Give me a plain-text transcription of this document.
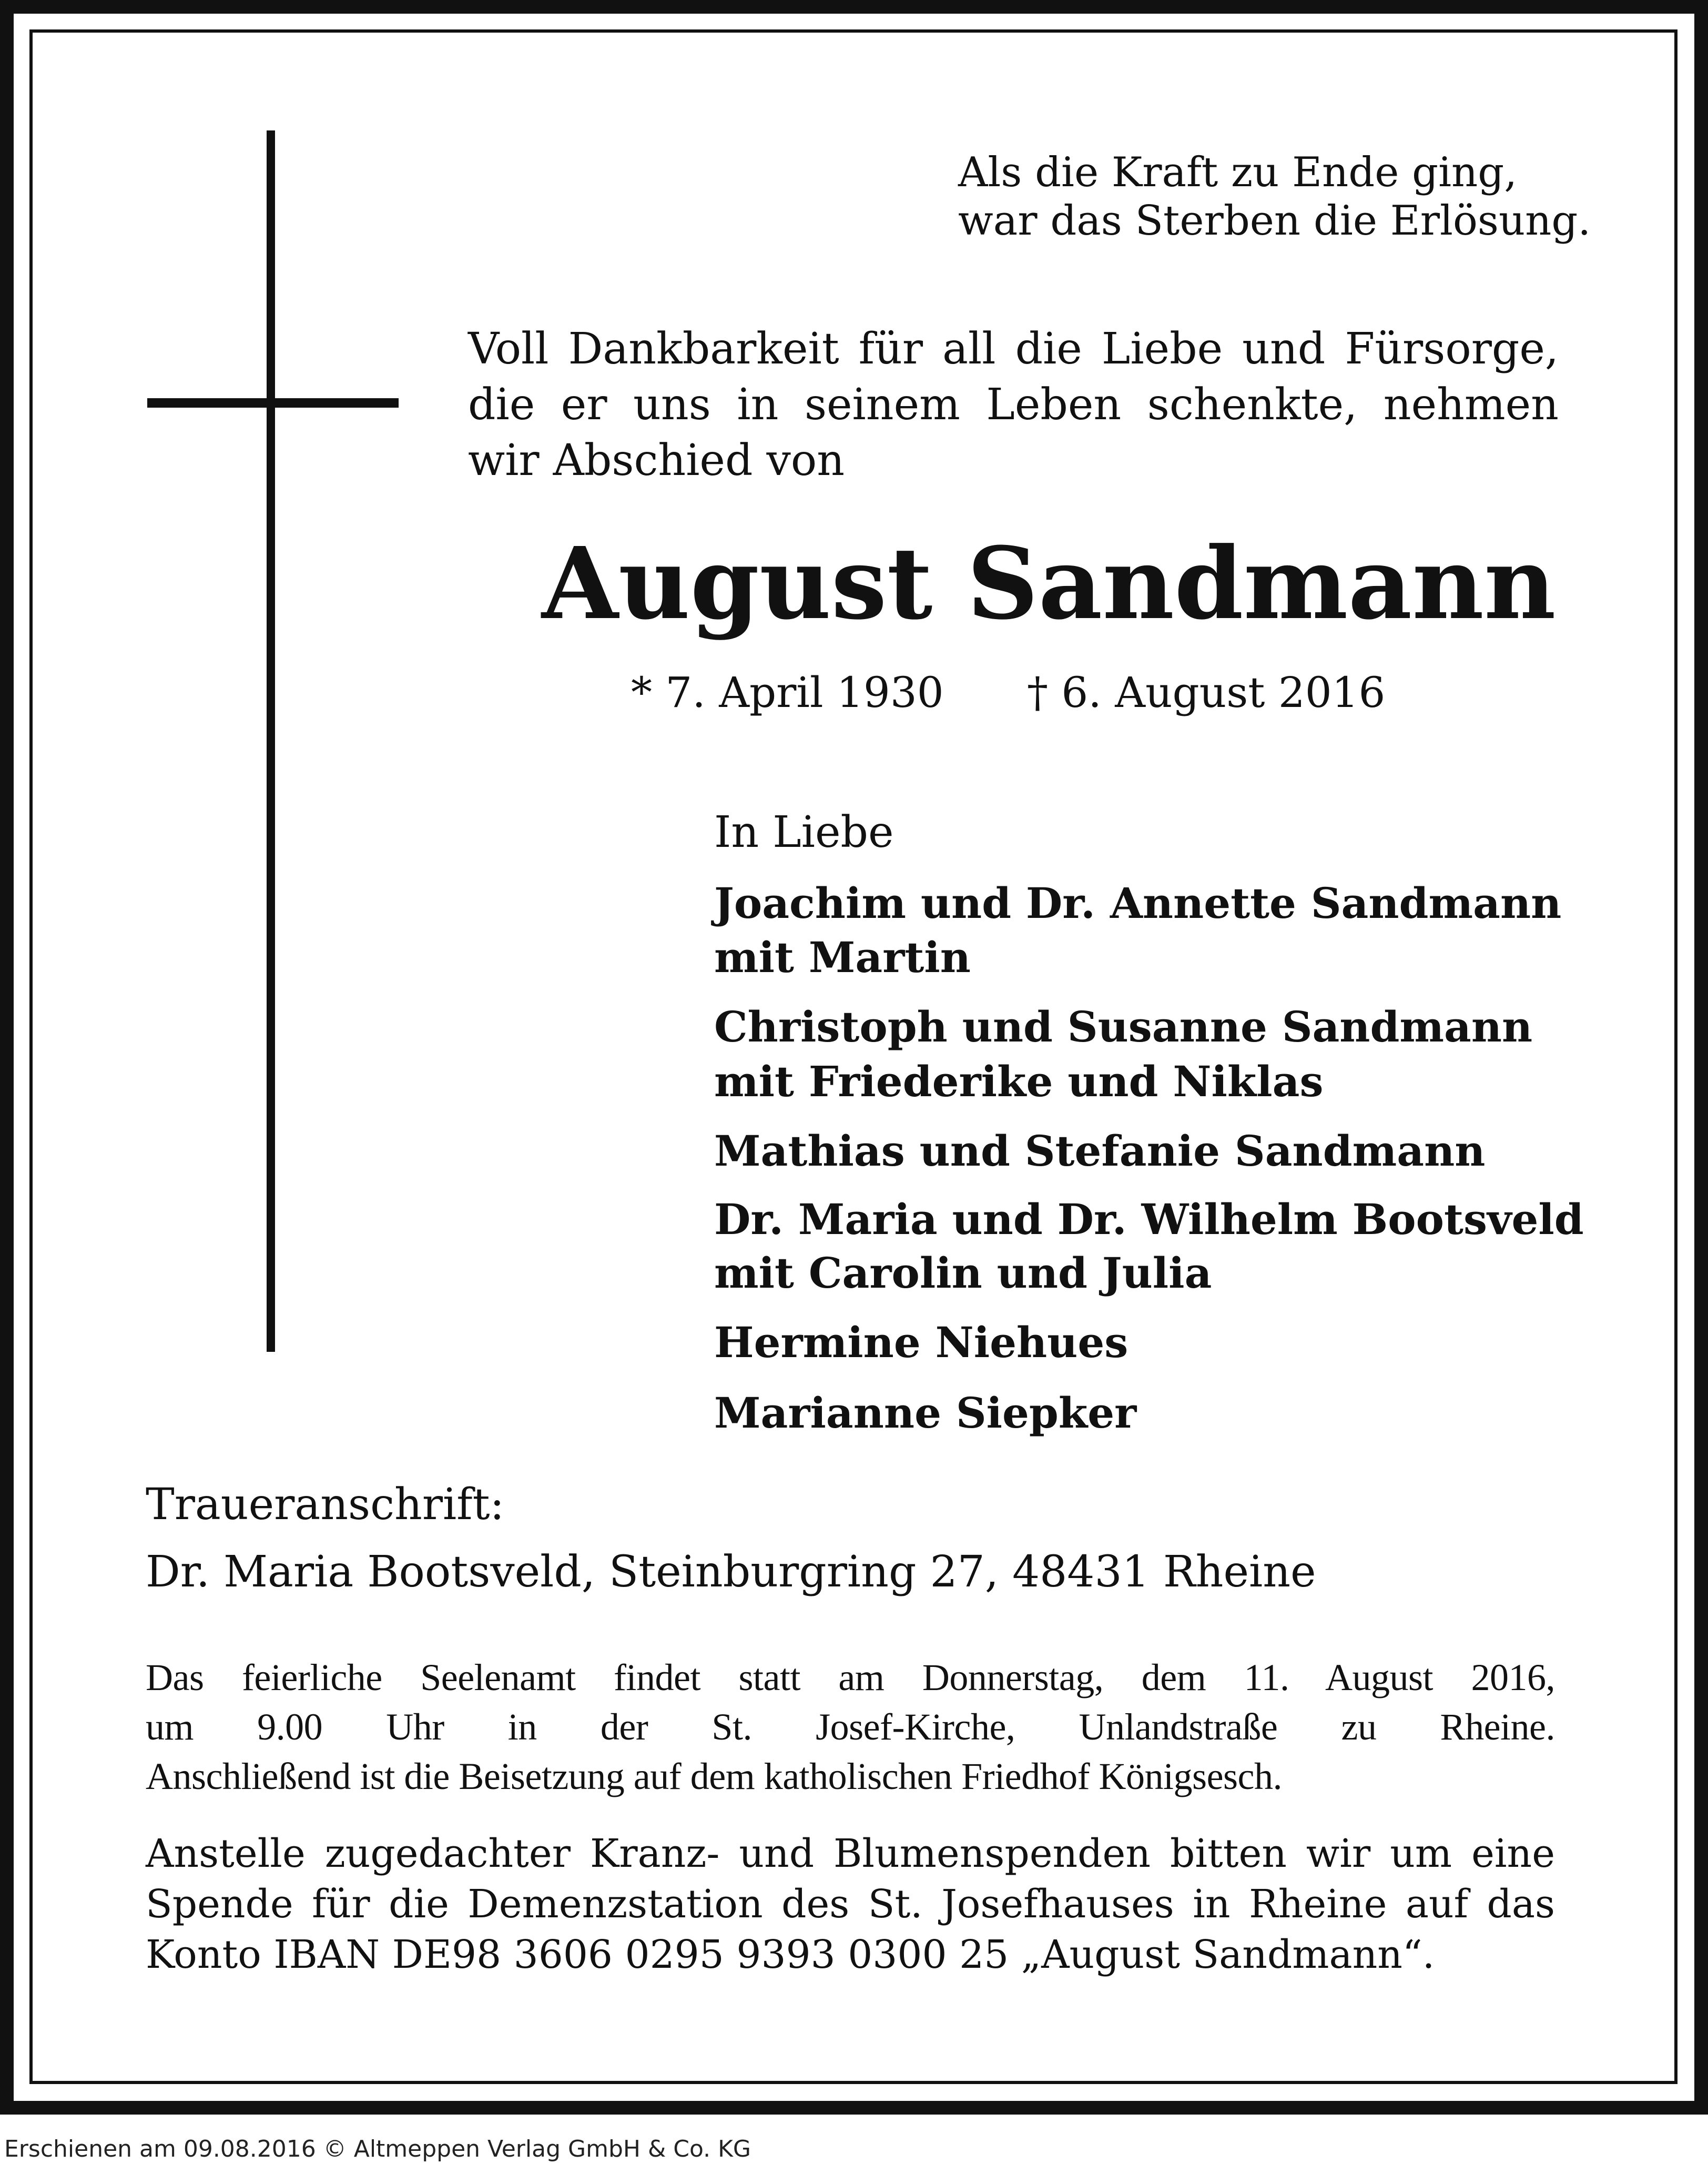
Als die Kraft zu Ende ging,

war das Sterben die Erlösung.

Voll Dankbarkeit für all die Liebe und Fürsorge,

die er uns in seinem Leben schenkte, nehmen

wir Abschied von

August Sandmann

* 7. April 1930 † 6. August 2016

In Liebe

Joachim und Dr. Annette Sandmann

mit Martin

Christoph und Susanne Sandmann

mit Friederike und Niklas

Mathias und Stefanie Sandmann

Dr. Maria und Dr. Wilhelm Bootsveld

mit Carolin und Julia

Hermine Niehues

Marianne Siepker

Traueranschrift:

Dr. Maria Bootsveld, Steinburgring 27, 48431 Rheine

Das feierliche Seelenamt findet statt am Donnerstag, dem 11. August 2016,

um 9.00 Uhr in der St. Josef-Kirche, Unlandstraße zu Rheine.

Anschließend ist die Beisetzung auf dem katholischen Friedhof Königsesch.

Anstelle zugedachter Kranz- und Blumenspenden bitten wir um eine

Spende für die Demenzstation des St. Josefhauses in Rheine auf das

Konto IBAN DE98 3606 0295 9393 0300 25 „August Sandmann“.

Erschienen am 09.08.2016 © Altmeppen Verlag GmbH & Co. KG
